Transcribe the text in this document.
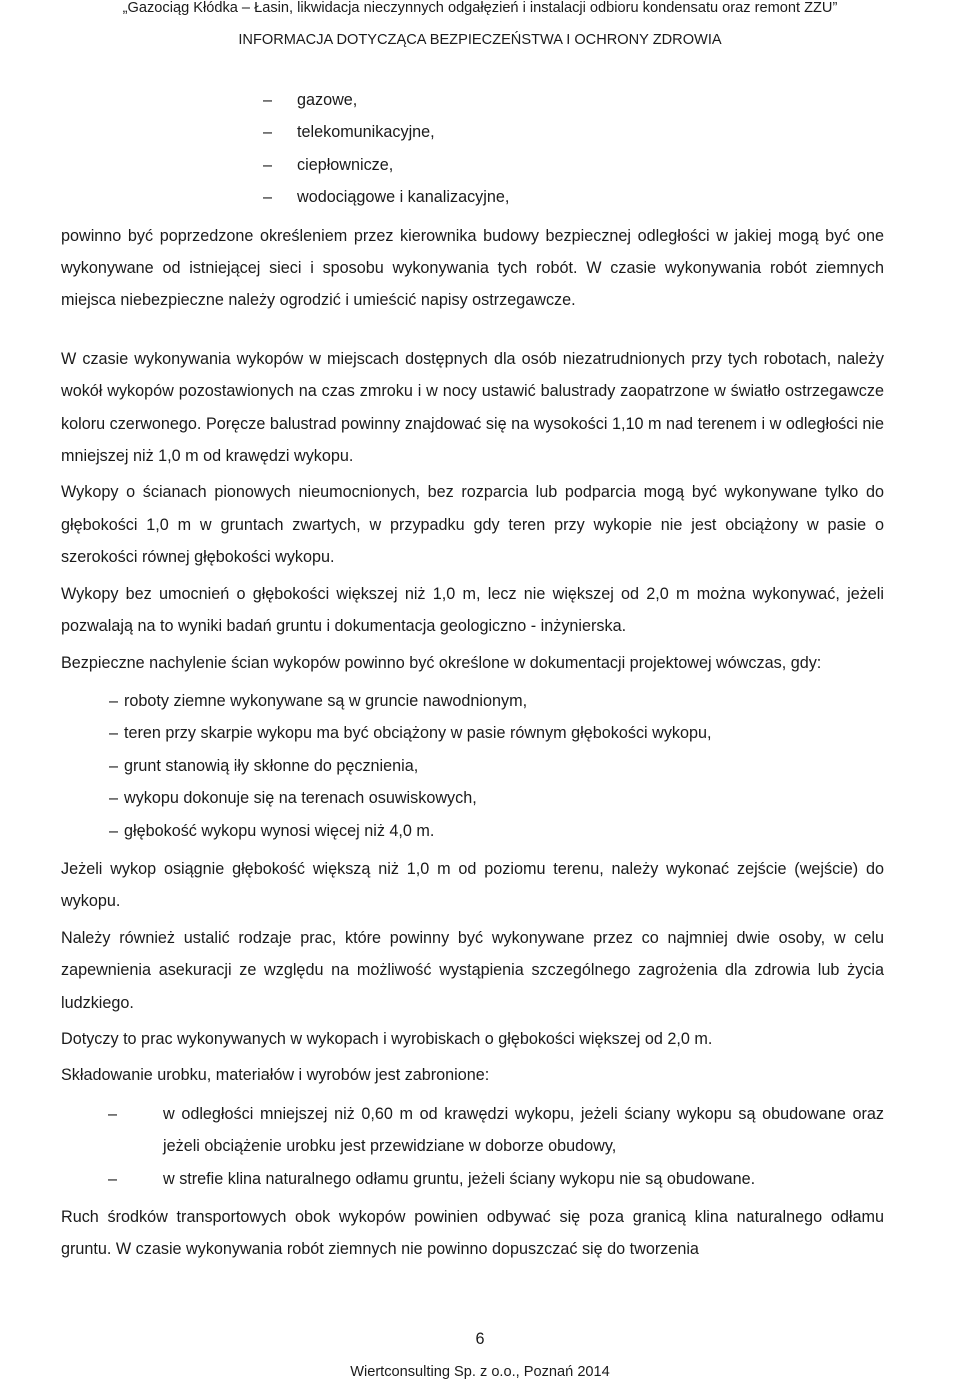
„Gazociąg Kłódka – Łasin, likwidacja nieczynnych odgałęzień i instalacji odbioru kondensatu oraz remont ZZU”
INFORMACJA DOTYCZĄCA BEZPIECZEŃSTWA I OCHRONY ZDROWIA
– gazowe,
– telekomunikacyjne,
– ciepłownicze,
– wodociągowe i kanalizacyjne,

powinno być poprzedzone określeniem przez kierownika budowy bezpiecznej odległości w jakiej mogą być one wykonywane od istniejącej sieci i sposobu wykonywania tych robót. W czasie wykonywania robót ziemnych miejsca niebezpieczne należy ogrodzić i umieścić napisy ostrzegawcze.

W czasie wykonywania wykopów w miejscach dostępnych dla osób niezatrudnionych przy tych robotach, należy wokół wykopów pozostawionych na czas zmroku i w nocy ustawić balustrady zaopatrzone w światło ostrzegawcze koloru czerwonego. Poręcze balustrad powinny znajdować się na wysokości 1,10 m nad terenem i w odległości nie mniejszej niż 1,0 m od krawędzi wykopu.

Wykopy o ścianach pionowych nieumocnionych, bez rozparcia lub podparcia mogą być wykonywane tylko do głębokości 1,0 m w gruntach zwartych, w przypadku gdy teren przy wykopie nie jest obciążony w pasie o szerokości równej głębokości wykopu.

Wykopy bez umocnień o głębokości większej niż 1,0 m, lecz nie większej od 2,0 m można wykonywać, jeżeli pozwalają na to wyniki badań gruntu i dokumentacja geologiczno - inżynierska.

Bezpieczne nachylenie ścian wykopów powinno być określone w dokumentacji projektowej wówczas, gdy:

– roboty ziemne wykonywane są w gruncie nawodnionym,
– teren przy skarpie wykopu ma być obciążony w pasie równym głębokości wykopu,
– grunt stanowią iły skłonne do pęcznienia,
– wykopu dokonuje się na terenach osuwiskowych,
– głębokość wykopu wynosi więcej niż 4,0 m.

Jeżeli wykop osiągnie głębokość większą niż 1,0 m od poziomu terenu, należy wykonać zejście (wejście) do wykopu.

Należy również ustalić rodzaje prac, które powinny być wykonywane przez co najmniej dwie osoby, w celu zapewnienia asekuracji ze względu na możliwość wystąpienia szczególnego zagrożenia dla zdrowia lub życia ludzkiego.

Dotyczy to prac wykonywanych w wykopach i wyrobiskach o głębokości większej od 2,0 m.

Składowanie urobku, materiałów i wyrobów jest zabronione:

–	w odległości mniejszej niż 0,60 m od krawędzi wykopu, jeżeli ściany wykopu są obudowane oraz jeżeli obciążenie urobku jest przewidziane w doborze obudowy,
–	w strefie klina naturalnego odłamu gruntu, jeżeli ściany wykopu nie są obudowane.

Ruch środków transportowych obok wykopów powinien odbywać się poza granicą klina naturalnego odłamu gruntu. W czasie wykonywania robót ziemnych nie powinno dopuszczać się do tworzenia

6
Wiertconsulting Sp. z o.o., Poznań 2014
